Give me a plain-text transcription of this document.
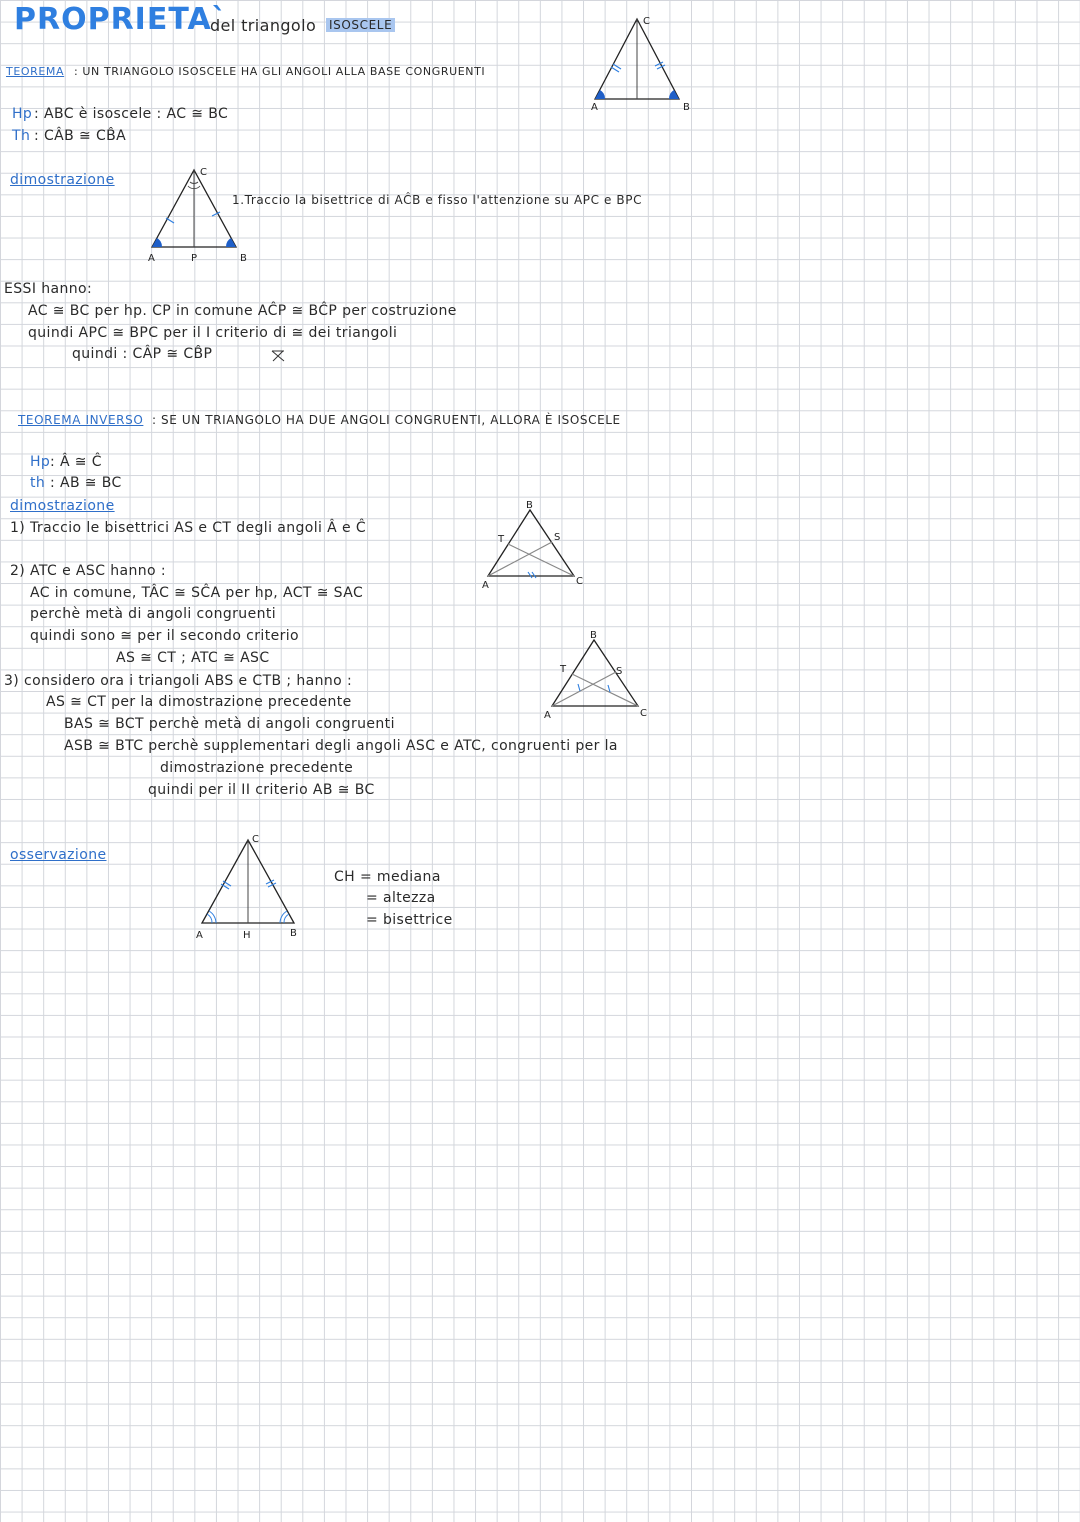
PROPRIETA`
del triangolo ISOSCELE
TEOREMA : UN TRIANGOLO ISOSCELE HA GLI ANGOLI ALLA BASE CONGRUENTI
Hp : ABC è isoscele : AC ≅ BC
Th : CÂB ≅ CB̂A
dimostrazione
1.Traccio la bisettrice di AĈB e fisso l'attenzione su APC e BPC
ESSI hanno:
AC ≅ BC per hp. CP in comune AĈP ≅ BĈP per costruzione
quindi APC ≅ BPC per il I criterio di ≅ dei triangoli
quindi : CÂP ≅ CB̂P
TEOREMA INVERSO : SE UN TRIANGOLO HA DUE ANGOLI CONGRUENTI, ALLORA È ISOSCELE
Hp : Â ≅ Ĉ
th : AB ≅ BC
dimostrazione
1) Traccio le bisettrici AS e CT degli angoli Â e Ĉ
2) ATC e ASC hanno :
AC in comune, TÂC ≅ SĈA per hp, ACT ≅ SAC
perchè metà di angoli congruenti
quindi sono ≅ per il secondo criterio
AS ≅ CT ; ATC ≅ ASC
3) considero ora i triangoli ABS e CTB ; hanno :
AS ≅ CT per la dimostrazione precedente
BAS ≅ BCT perchè metà di angoli congruenti
ASB ≅ BTC perchè supplementari degli angoli ASC e ATC, congruenti per la
dimostrazione precedente
quindi per il II criterio AB ≅ BC
osservazione
CH = mediana
= altezza
= bisettrice
A	B
C
A	P	B
C
A
B
C
T	S
A
B
C
T	S
A	H	B
C
